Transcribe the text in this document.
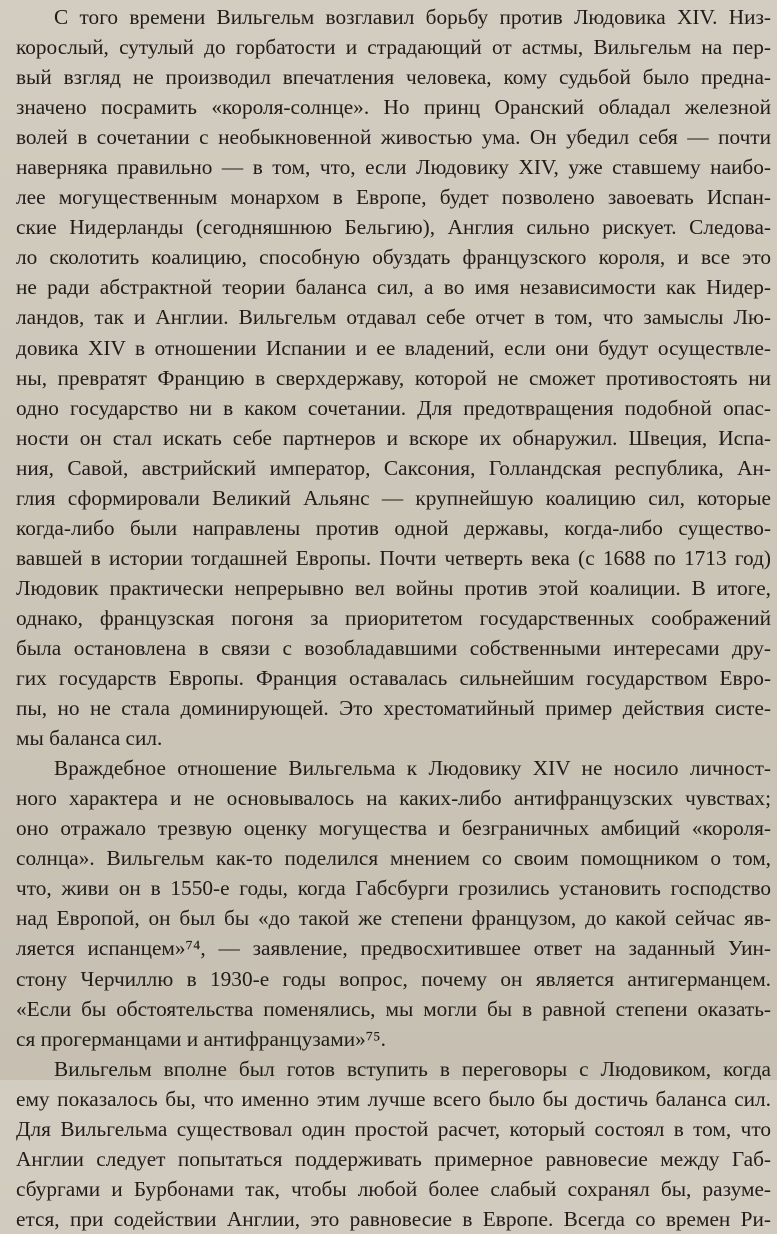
С того времени Вильгельм возглавил борьбу против Людовика XIV. Низ-
корослый, сутулый до горбатости и страдающий от астмы, Вильгельм на пер-
вый взгляд не производил впечатления человека, кому судьбой было предна-
значено посрамить «короля-солнце». Но принц Оранский обладал железной
волей в сочетании с необыкновенной живостью ума. Он убедил себя — почти
наверняка правильно — в том, что, если Людовику XIV, уже ставшему наибо-
лее могущественным монархом в Европе, будет позволено завоевать Испан-
ские Нидерланды (сегодняшнюю Бельгию), Англия сильно рискует. Следова-
ло сколотить коалицию, способную обуздать французского короля, и все это
не ради абстрактной теории баланса сил, а во имя независимости как Нидер-
ландов, так и Англии. Вильгельм отдавал себе отчет в том, что замыслы Лю-
довика XIV в отношении Испании и ее владений, если они будут осуществле-
ны, превратят Францию в сверхдержаву, которой не сможет противостоять ни
одно государство ни в каком сочетании. Для предотвращения подобной опас-
ности он стал искать себе партнеров и вскоре их обнаружил. Швеция, Испа-
ния, Савой, австрийский император, Саксония, Голландская республика, Ан-
глия сформировали Великий Альянс — крупнейшую коалицию сил, которые
когда-либо были направлены против одной державы, когда-либо существо-
вавшей в истории тогдашней Европы. Почти четверть века (с 1688 по 1713 год)
Людовик практически непрерывно вел войны против этой коалиции. В итоге,
однако, французская погоня за приоритетом государственных соображений
была остановлена в связи с возобладавшими собственными интересами дру-
гих государств Европы. Франция оставалась сильнейшим государством Евро-
пы, но не стала доминирующей. Это хрестоматийный пример действия систе-
мы баланса сил.

Враждебное отношение Вильгельма к Людовику XIV не носило личност-
ного характера и не основывалось на каких-либо антифранцузских чувствах;
оно отражало трезвую оценку могущества и безграничных амбиций «короля-
солнца». Вильгельм как-то поделился мнением со своим помощником о том,
что, живи он в 1550-е годы, когда Габсбурги грозились установить господство
над Европой, он был бы «до такой же степени французом, до какой сейчас яв-
ляется испанцем»⁷⁴, — заявление, предвосхитившее ответ на заданный Уин-
стону Черчиллю в 1930-е годы вопрос, почему он является антигерманцем.
«Если бы обстоятельства поменялись, мы могли бы в равной степени оказать-
ся прогерманцами и антифранцузами»⁷⁵.

Вильгельм вполне был готов вступить в переговоры с Людовиком, когда
ему показалось бы, что именно этим лучше всего было бы достичь баланса сил.
Для Вильгельма существовал один простой расчет, который состоял в том, что
Англии следует попытаться поддерживать примерное равновесие между Габ-
сбургами и Бурбонами так, чтобы любой более слабый сохранял бы, разуме-
ется, при содействии Англии, это равновесие в Европе. Всегда со времен Ри-
